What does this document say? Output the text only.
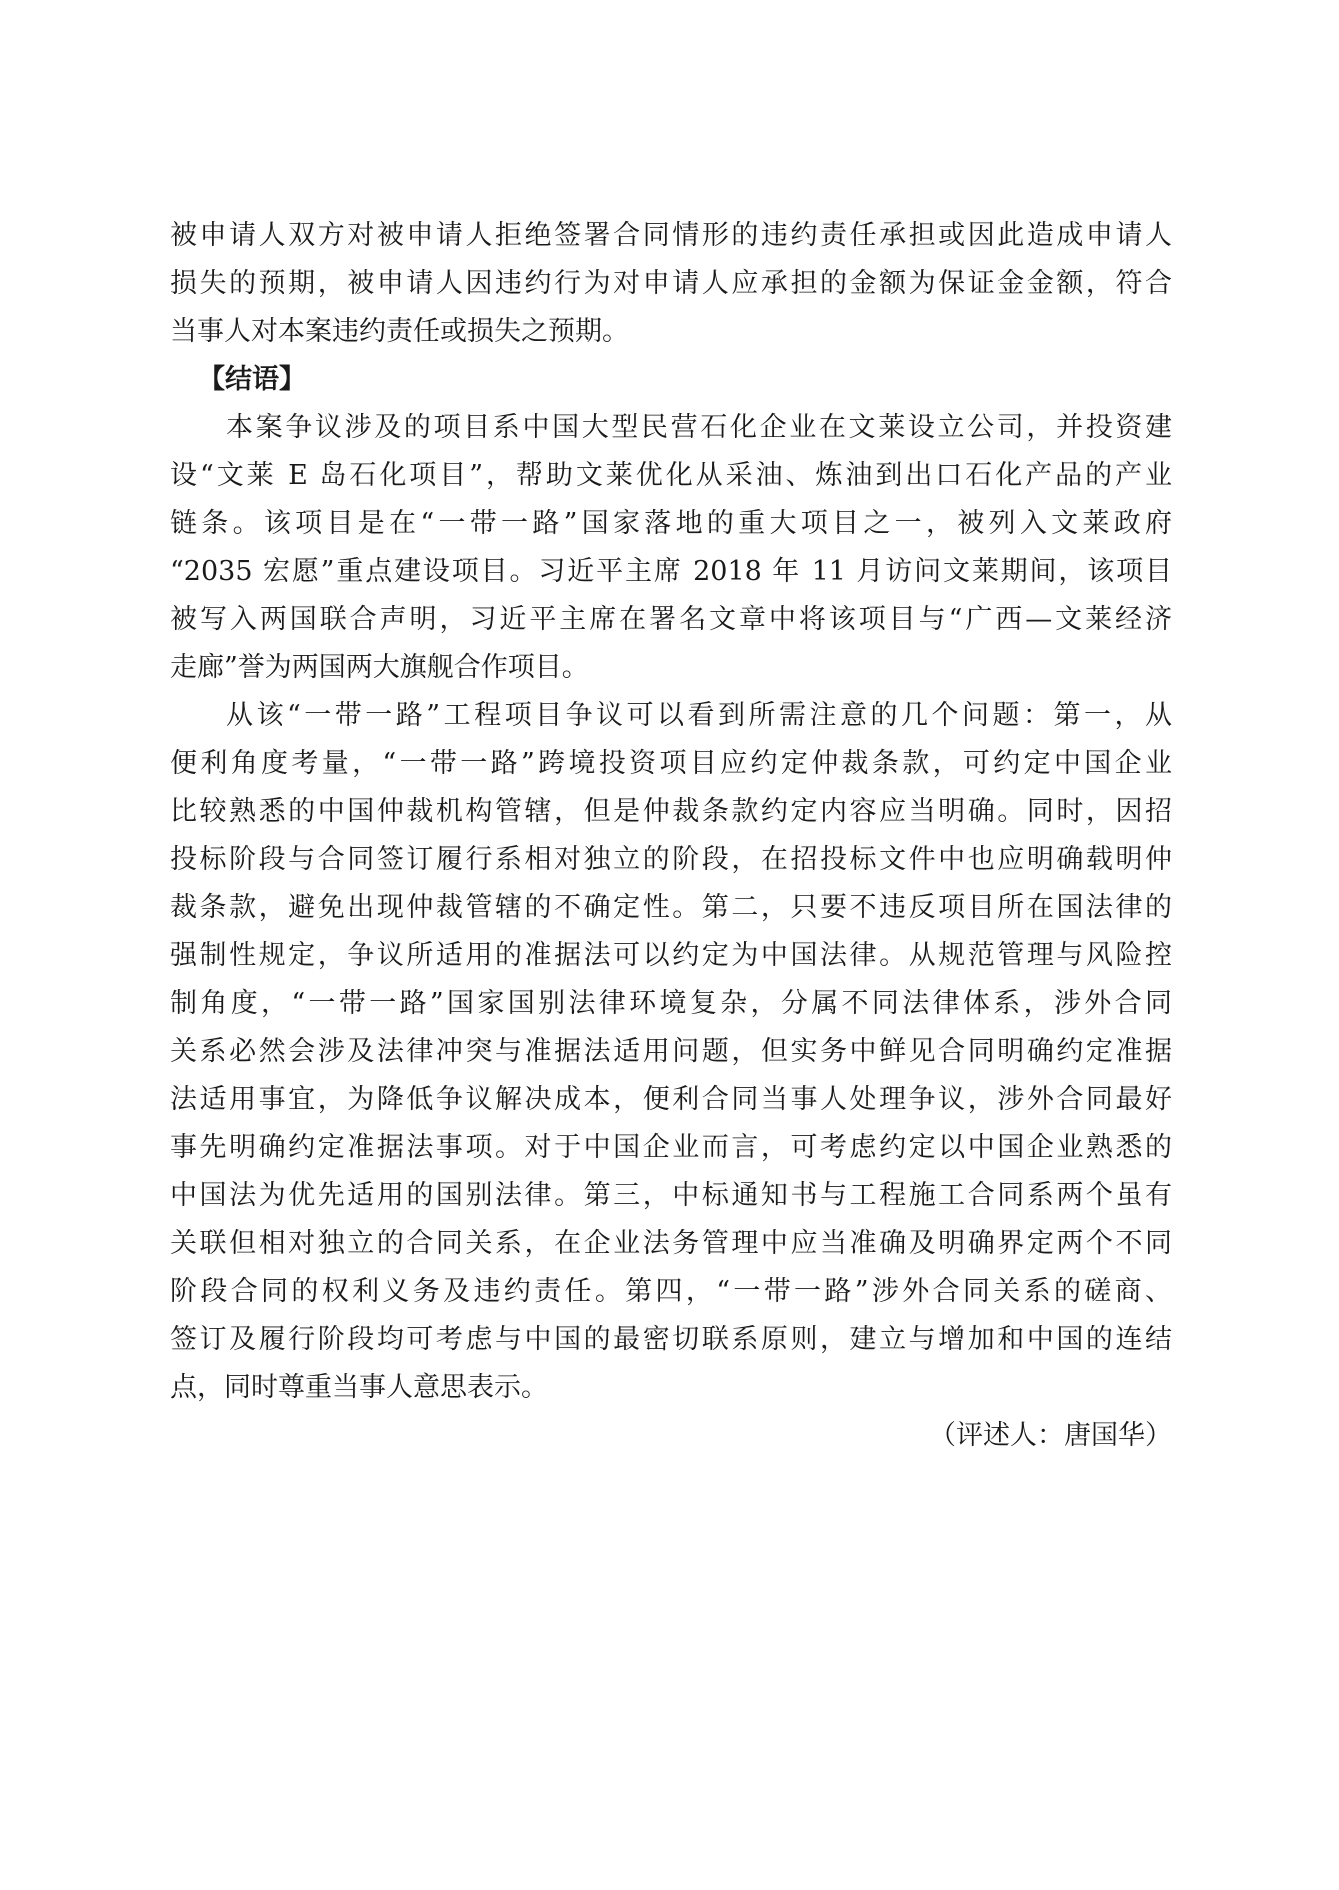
被申请人双方对被申请人拒绝签署合同情形的违约责任承担或因此造成申请人
损失的预期，被申请人因违约行为对申请人应承担的金额为保证金金额，符合
当事人对本案违约责任或损失之预期。
【结语】
本案争议涉及的项目系中国大型民营石化企业在文莱设立公司，并投资建
设“文莱 E 岛石化项目”，帮助文莱优化从采油、炼油到出口石化产品的产业
链条。该项目是在“一带一路”国家落地的重大项目之一，被列入文莱政府
“2035 宏愿”重点建设项目。习近平主席 2018 年 11 月访问文莱期间，该项目
被写入两国联合声明，习近平主席在署名文章中将该项目与“广西—文莱经济
走廊”誉为两国两大旗舰合作项目。
从该“一带一路”工程项目争议可以看到所需注意的几个问题：第一，从
便利角度考量，“一带一路”跨境投资项目应约定仲裁条款，可约定中国企业
比较熟悉的中国仲裁机构管辖，但是仲裁条款约定内容应当明确。同时，因招
投标阶段与合同签订履行系相对独立的阶段，在招投标文件中也应明确载明仲
裁条款，避免出现仲裁管辖的不确定性。第二，只要不违反项目所在国法律的
强制性规定，争议所适用的准据法可以约定为中国法律。从规范管理与风险控
制角度，“一带一路”国家国别法律环境复杂，分属不同法律体系，涉外合同
关系必然会涉及法律冲突与准据法适用问题，但实务中鲜见合同明确约定准据
法适用事宜，为降低争议解决成本，便利合同当事人处理争议，涉外合同最好
事先明确约定准据法事项。对于中国企业而言，可考虑约定以中国企业熟悉的
中国法为优先适用的国别法律。第三，中标通知书与工程施工合同系两个虽有
关联但相对独立的合同关系，在企业法务管理中应当准确及明确界定两个不同
阶段合同的权利义务及违约责任。第四，“一带一路”涉外合同关系的磋商、
签订及履行阶段均可考虑与中国的最密切联系原则，建立与增加和中国的连结
点，同时尊重当事人意思表示。
（评述人：唐国华）
